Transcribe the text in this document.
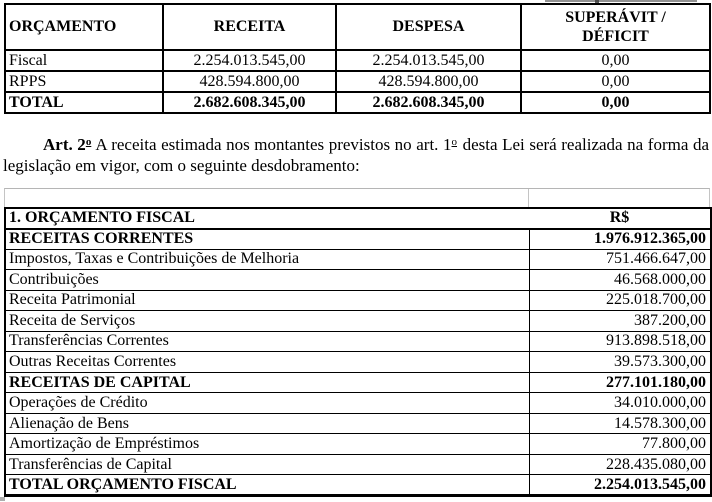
ORÇAMENTO	RECEITA	DESPESA	SUPERÁVIT / DÉFICIT
Fiscal	2.254.013.545,00	2.254.013.545,00	0,00
RPPS	428.594.800,00	428.594.800,00	0,00
TOTAL	2.682.608.345,00	2.682.608.345,00	0,00

Art. 2$^o$ A receita estimada nos montantes previstos no art. 1$^o$ desta Lei será realizada na forma da legislação em vigor, com o seguinte desdobramento:

1. ORÇAMENTO FISCAL	R$
RECEITAS CORRENTES	1.976.912.365,00
Impostos, Taxas e Contribuições de Melhoria	751.466.647,00
Contribuições	46.568.000,00
Receita Patrimonial	225.018.700,00
Receita de Serviços	387.200,00
Transferências Correntes	913.898.518,00
Outras Receitas Correntes	39.573.300,00
RECEITAS DE CAPITAL	277.101.180,00
Operações de Crédito	34.010.000,00
Alienação de Bens	14.578.300,00
Amortização de Empréstimos	77.800,00
Transferências de Capital	228.435.080,00
TOTAL ORÇAMENTO FISCAL	2.254.013.545,00
